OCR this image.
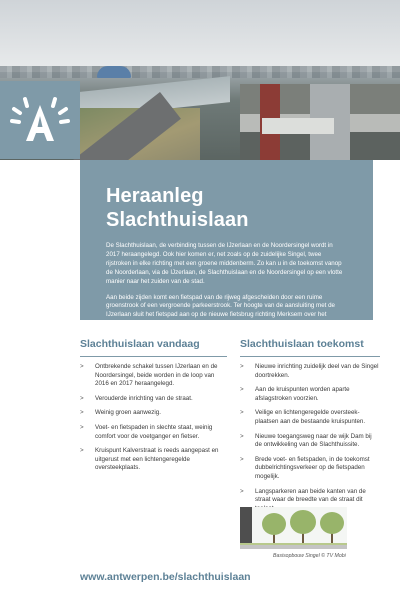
Heraanleg Slachthuislaan

De Slachthuislaan, de verbinding tussen de IJzerlaan en de Noordersingel wordt in 2017 heraangelegd. Ook hier komen er, net zoals op de zuidelijke Singel, twee rijstroken in elke richting met een groene middenberm. Zo kan u in de toekomst vanop de Noorderlaan, via de IJzerlaan, de Slachthuislaan en de Noordersingel op een vlotte manier naar het zuiden van de stad.

Aan beide zijden komt een fietspad van de rijweg afgescheiden door een ruime groenstrook of een vergroende parkeerstrook. Ter hoogte van de aansluiting met de IJzerlaan sluit het fietspad aan op de nieuwe fietsbrug richting Merksem over het Albertkanaal.

Slachthuislaan vandaag
> Ontbrekende schakel tussen IJzerlaan en de Noordersingel, beide worden in de loop van 2016 en 2017 heraangelegd.
> Verouderde inrichting van de straat.
> Weinig groen aanwezig.
> Voet- en fietspaden in slechte staat, weinig comfort voor de voetganger en fietser.
> Kruispunt Kalverstraat is reeds aangepast en uitgerust met een lichtengeregelde oversteekplaats.
Slachthuislaan toekomst
> Nieuwe inrichting zuidelijk deel van de Singel doortrekken.
> Aan de kruispunten worden aparte afslagstroken voorzien.
> Veilige en lichtengeregelde oversteek-plaatsen aan de bestaande kruispunten.
> Nieuwe toegangsweg naar de wijk Dam bij de ontwikkeling van de Slachthuissite.
> Brede voet- en fietspaden, in de toekomst dubbelrichtingsverkeer op de fietspaden mogelijk.
> Langsparkeren aan beide kanten van de straat waar de breedte van de straat dit
Basisopbouw Singel © TV Mobi
www.antwerpen.be/slachthuislaan
